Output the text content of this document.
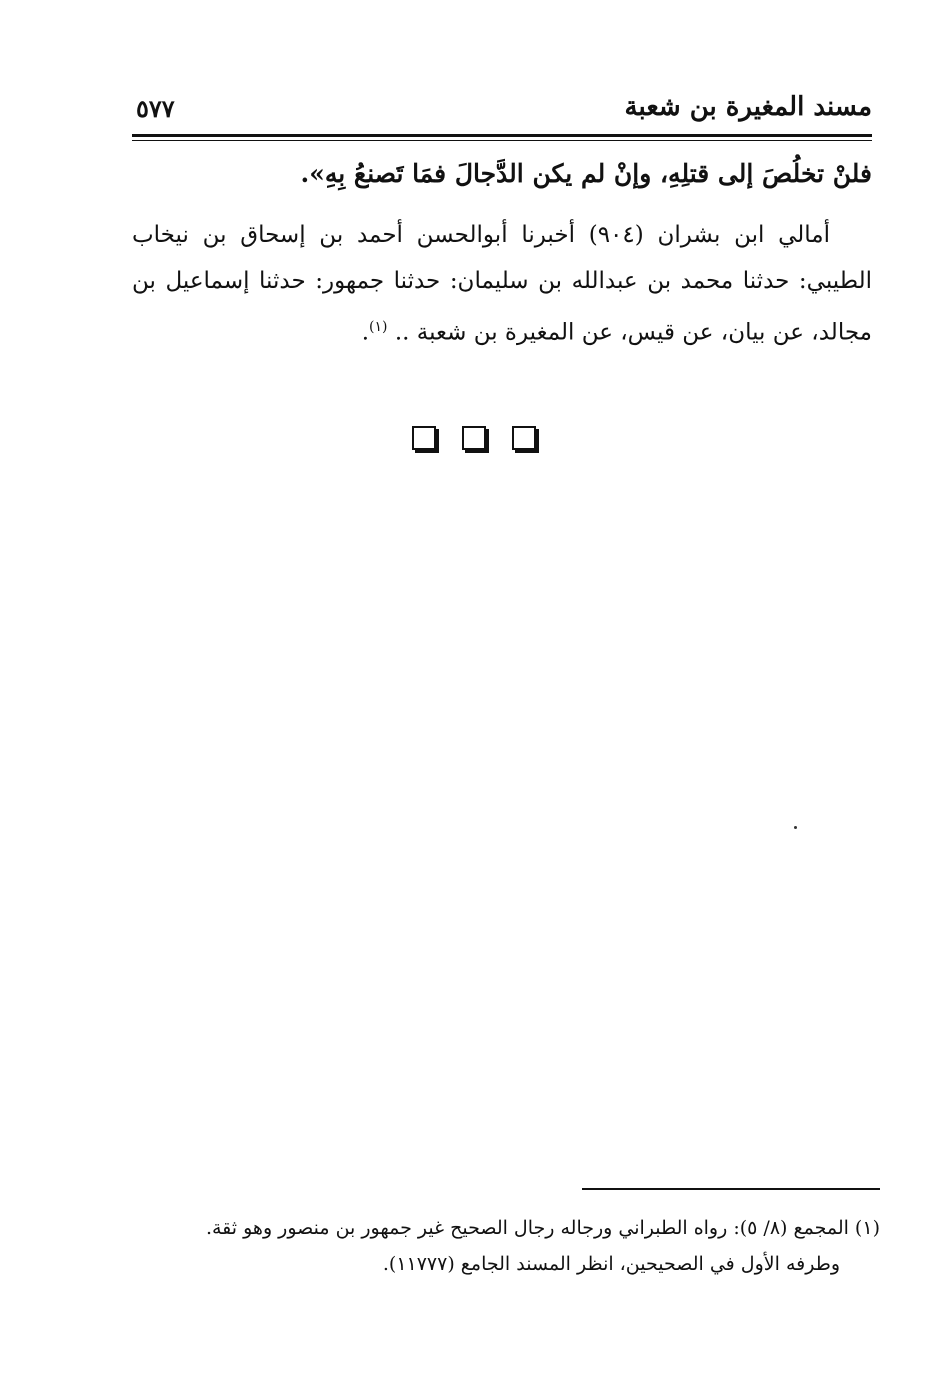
مسند المغيرة بن شعبة
٥٧٧

فلنْ تخلُصَ إلى قتلِهِ، وإنْ لم يكن الدَّجالَ فمَا تَصنعُ بِهِ».

أمالي ابن بشران (٩٠٤) أخبرنا أبوالحسن أحمد بن إسحاق بن نيخاب الطيبي: حدثنا محمد بن عبدالله بن سليمان: حدثنا جمهور: حدثنا إسماعيل بن مجالد، عن بيان، عن قيس، عن المغيرة بن شعبة .. $^{(١)}$.

(١) المجمع (٨/ ٥): رواه الطبراني ورجاله رجال الصحيح غير جمهور بن منصور وهو ثقة.

وطرفه الأول في الصحيحين، انظر المسند الجامع (١١٧٧٧).
